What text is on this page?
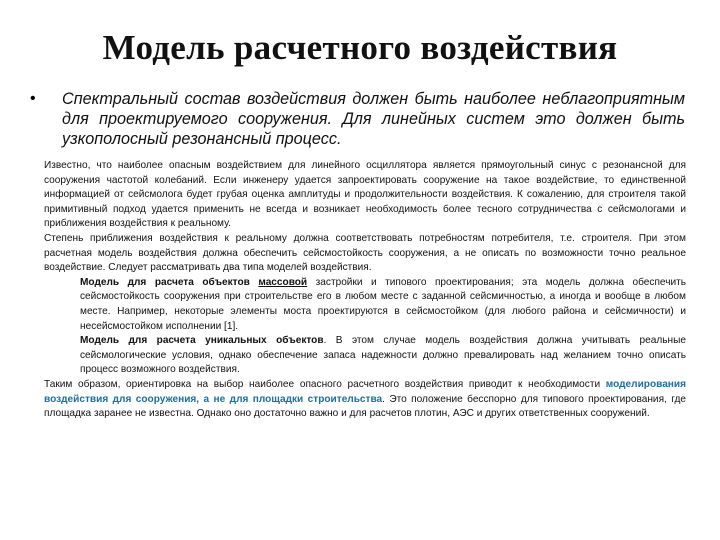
Модель расчетного воздействия
• Спектральный состав воздействия должен быть наиболее неблагоприятным для проектируемого сооружения. Для линейных систем это должен быть узкополосный резонансный процесс.

Известно, что наиболее опасным воздействием для линейного осциллятора является прямоугольный синус с резонансной для сооружения частотой колебаний. Если инженеру удается запроектировать сооружение на такое воздействие, то единственной информацией от сейсмолога будет грубая оценка амплитуды и продолжительности воздействия. К сожалению, для строителя такой примитивный подход удается применить не всегда и возникает необходимость более тесного сотрудничества с сейсмологами и приближения воздействия к реальному.

Степень приближения воздействия к реальному должна соответствовать потребностям потребителя, т.е. строителя. При этом расчетная модель воздействия должна обеспечить сейсмостойкость сооружения, а не описать по возможности точно реальное воздействие. Следует рассматривать два типа моделей воздействия.

Модель для расчета объектов массовой застройки и типового проектирования; эта модель должна обеспечить сейсмостойкость сооружения при строительстве его в любом месте с заданной сейсмичностью, а иногда и вообще в любом месте. Например, некоторые элементы моста проектируются в сейсмостойком (для любого района и сейсмичности) и несейсмостойком исполнении [1].

Модель для расчета уникальных объектов. В этом случае модель воздействия должна учитывать реальные сейсмологические условия, однако обеспечение запаса надежности должно превалировать над желанием точно описать процесс возможного воздействия.

Таким образом, ориентировка на выбор наиболее опасного расчетного воздействия приводит к необходимости моделирования воздействия для сооружения, а не для площадки строительства. Это положение бесспорно для типового проектирования, где площадка заранее не известна. Однако оно достаточно важно и для расчетов плотин, АЭС и других ответственных сооружений.
